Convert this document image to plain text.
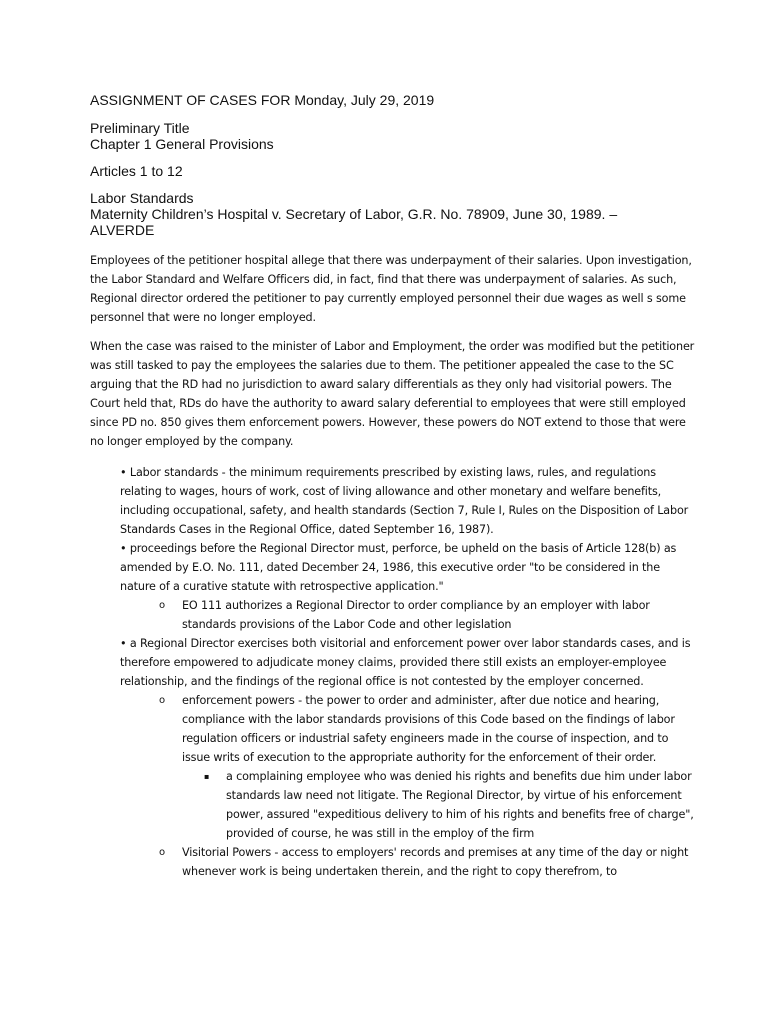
ASSIGNMENT OF CASES FOR Monday, July 29, 2019
Preliminary Title
Chapter 1 General Provisions
Articles 1 to 12
Labor Standards
Maternity Children’s Hospital v. Secretary of Labor, G.R. No. 78909, June 30, 1989. –
ALVERDE

Employees of the petitioner hospital allege that there was underpayment of their salaries. Upon investigation, the Labor Standard and Welfare Officers did, in fact, find that there was underpayment of salaries. As such, Regional director ordered the petitioner to pay currently employed personnel their due wages as well s some personnel that were no longer employed.

When the case was raised to the minister of Labor and Employment, the order was modified but the petitioner was still tasked to pay the employees the salaries due to them. The petitioner appealed the case to the SC arguing that the RD had no jurisdiction to award salary differentials as they only had visitorial powers. The Court held that, RDs do have the authority to award salary deferential to employees that were still employed since PD no. 850 gives them enforcement powers. However, these powers do NOT extend to those that were no longer employed by the company.

• Labor standards - the minimum requirements prescribed by existing laws, rules, and regulations relating to wages, hours of work, cost of living allowance and other monetary and welfare benefits, including occupational, safety, and health standards (Section 7, Rule I, Rules on the Disposition of Labor Standards Cases in the Regional Office, dated September 16, 1987).
• proceedings before the Regional Director must, perforce, be upheld on the basis of Article 128(b) as amended by E.O. No. 111, dated December 24, 1986, this executive order "to be considered in the nature of a curative statute with retrospective application."
o EO 111 authorizes a Regional Director to order compliance by an employer with labor standards provisions of the Labor Code and other legislation
• a Regional Director exercises both visitorial and enforcement power over labor standards cases, and is therefore empowered to adjudicate money claims, provided there still exists an employer-employee relationship, and the findings of the regional office is not contested by the employer concerned.
o enforcement powers - the power to order and administer, after due notice and hearing, compliance with the labor standards provisions of this Code based on the findings of labor regulation officers or industrial safety engineers made in the course of inspection, and to issue writs of execution to the appropriate authority for the enforcement of their order.
▪ a complaining employee who was denied his rights and benefits due him under labor standards law need not litigate. The Regional Director, by virtue of his enforcement power, assured "expeditious delivery to him of his rights and benefits free of charge", provided of course, he was still in the employ of the firm
o Visitorial Powers - access to employers' records and premises at any time of the day or night whenever work is being undertaken therein, and the right to copy therefrom, to
